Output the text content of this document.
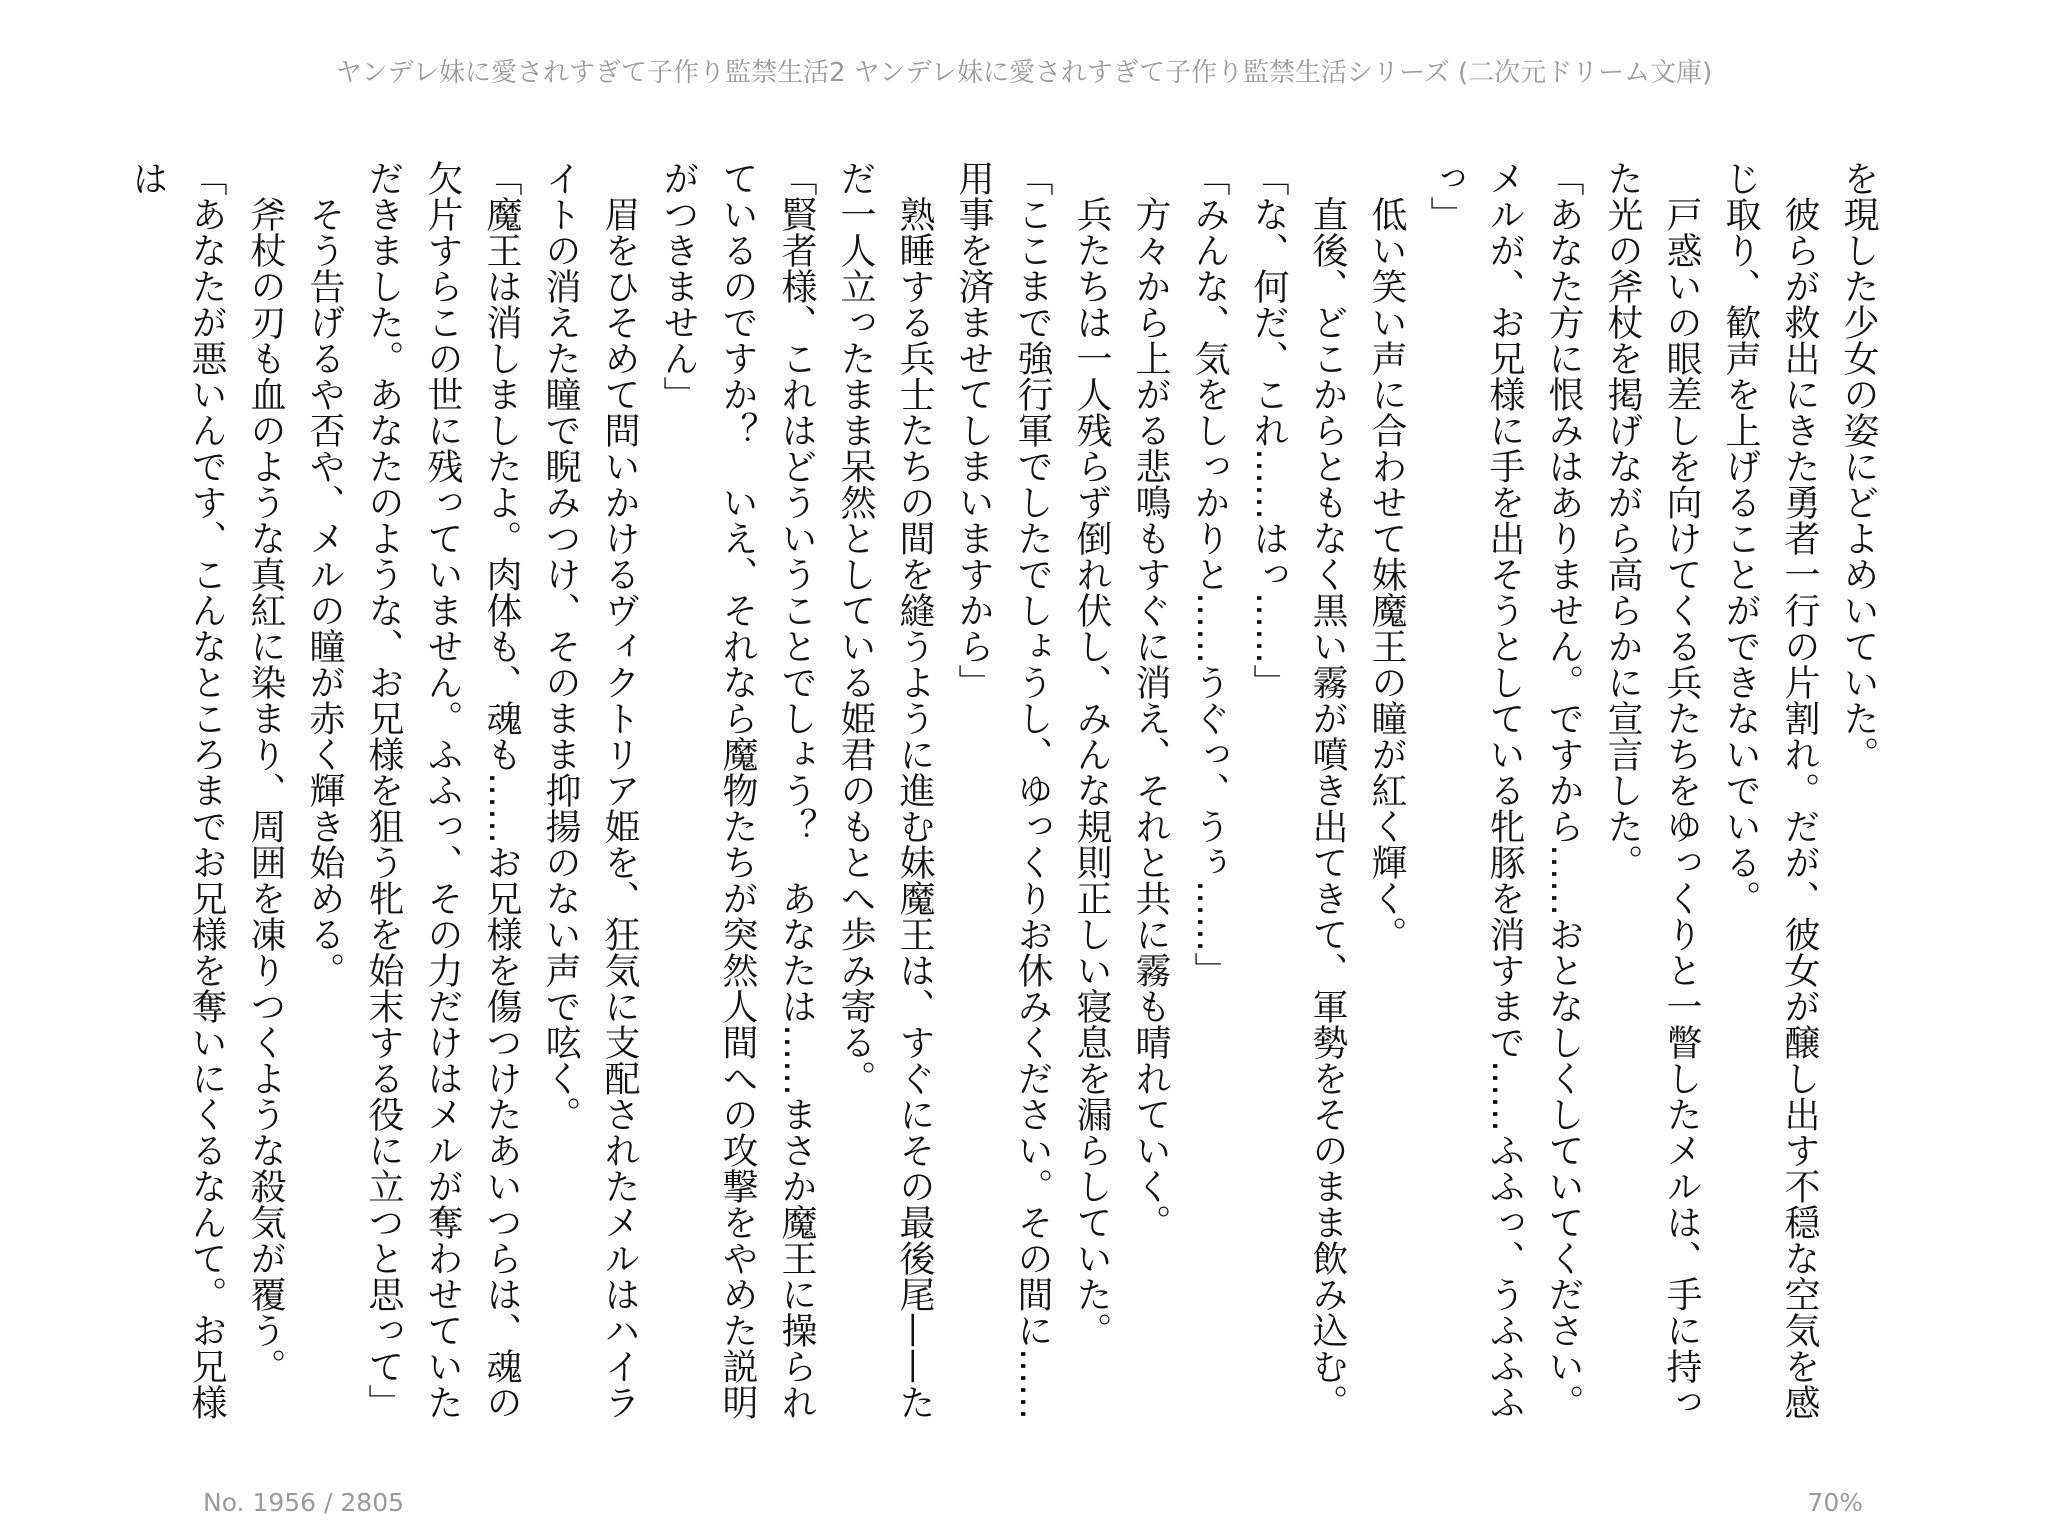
ヤンデレ妹に愛されすぎて子作り監禁生活2 ヤンデレ妹に愛されすぎて子作り監禁生活シリーズ (二次元ドリーム文庫)

を現した少女の姿にどよめいていた。

　彼らが救出にきた勇者一行の片割れ。だが、彼女が醸し出す不穏な空気を感じ取り、歓声を上げることができないでいる。

　戸惑いの眼差しを向けてくる兵たちをゆっくりと一瞥したメルは、手に持った光の斧杖を掲げながら高らかに宣言した。

「あなた方に恨みはありません。ですから……おとなしくしていてください。メルが、お兄様に手を出そうとしている牝豚を消すまで……ふふっ、うふふふっ」

　低い笑い声に合わせて妹魔王の瞳が紅く輝く。

　直後、どこからともなく黒い霧が噴き出てきて、軍勢をそのまま飲み込む。

「な、何だ、これ……はっ……」

「みんな、気をしっかりと……うぐっ、うぅ……」

　方々から上がる悲鳴もすぐに消え、それと共に霧も晴れていく。

　兵たちは一人残らず倒れ伏し、みんな規則正しい寝息を漏らしていた。

「ここまで強行軍でしたでしょうし、ゆっくりお休みください。その間に……用事を済ませてしまいますから」

　熟睡する兵士たちの間を縫うように進む妹魔王は、すぐにその最後尾——ただ一人立ったまま呆然としている姫君のもとへ歩み寄る。

「賢者様、これはどういうことでしょう？　あなたは……まさか魔王に操られているのですか？　いえ、それなら魔物たちが突然人間への攻撃をやめた説明がつきません」

　眉をひそめて問いかけるヴィクトリア姫を、狂気に支配されたメルはハイライトの消えた瞳で睨みつけ、そのまま抑揚のない声で呟く。

「魔王は消しましたよ。肉体も、魂も……お兄様を傷つけたあいつらは、魂の欠片すらこの世に残っていません。ふふっ、その力だけはメルが奪わせていただきました。あなたのような、お兄様を狙う牝を始末する役に立つと思って」

　そう告げるや否や、メルの瞳が赤く輝き始める。

　斧杖の刃も血のような真紅に染まり、周囲を凍りつくような殺気が覆う。

「あなたが悪いんです、こんなところまでお兄様を奪いにくるなんて。お兄様は

No. 1956 / 2805	70%
